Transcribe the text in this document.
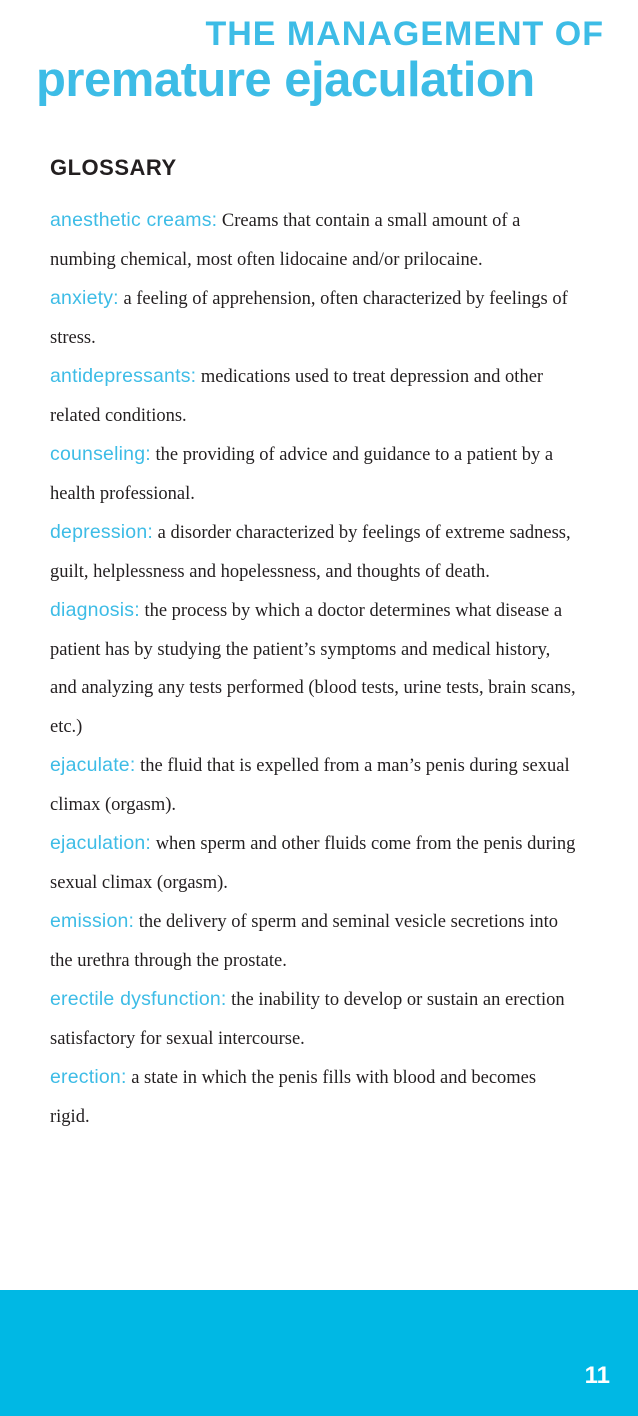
THE MANAGEMENT OF
premature ejaculation
GLOSSARY

anesthetic creams: Creams that contain a small amount of a numbing chemical, most often lidocaine and/or prilocaine.

anxiety: a feeling of apprehension, often characterized by feelings of stress.

antidepressants: medications used to treat depression and other related conditions.

counseling: the providing of advice and guidance to a patient by a health professional.

depression: a disorder characterized by feelings of extreme sadness, guilt, helplessness and hopelessness, and thoughts of death.

diagnosis: the process by which a doctor determines what disease a patient has by studying the patient’s symptoms and medical history, and analyzing any tests performed (blood tests, urine tests, brain scans, etc.)

ejaculate: the fluid that is expelled from a man’s penis during sexual climax (orgasm).

ejaculation: when sperm and other fluids come from the penis during sexual climax (orgasm).

emission: the delivery of sperm and seminal vesicle secretions into the urethra through the prostate.

erectile dysfunction: the inability to develop or sustain an erection satisfactory for sexual intercourse.

erection: a state in which the penis fills with blood and becomes rigid.

11
